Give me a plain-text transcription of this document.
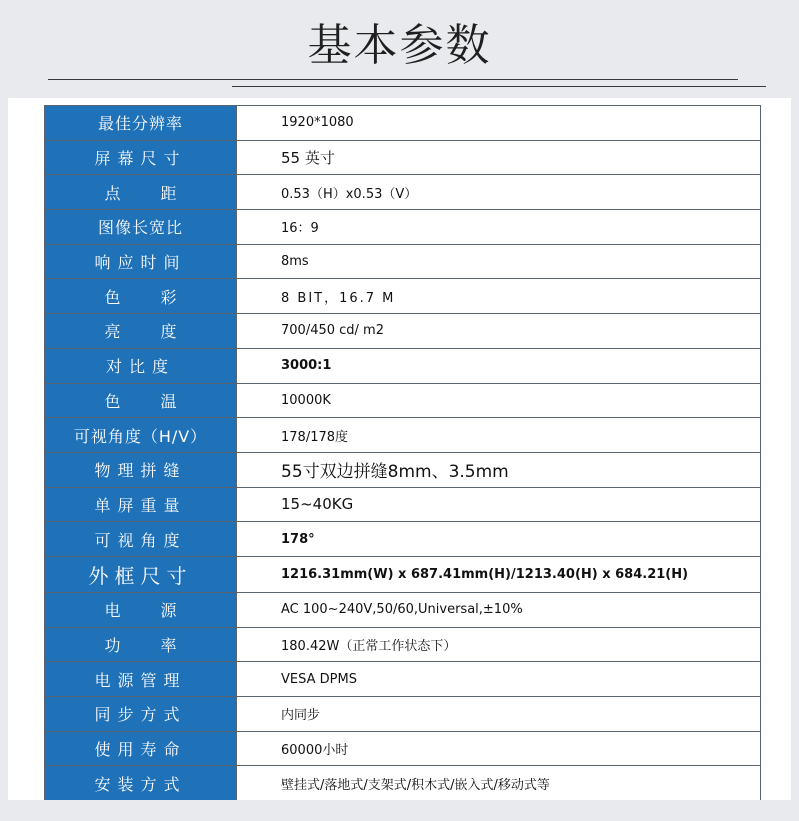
基本参数
最佳分辨率	1920*1080
屏幕尺寸	55 英寸
点距	0.53（H）x0.53（V）
图像长宽比	16：9
响应时间	8ms
色彩	8 BIT，16.7 M
亮度	700/450 cd/ m2
对比度	3000:1
色温	10000K
可视角度（H/V）	178/178度
物理拼缝	55寸双边拼缝8mm、3.5mm
单屏重量	15~40KG
可视角度	178°
外框尺寸	1216.31mm(W) x 687.41mm(H)/1213.40(H) x 684.21(H)
电源	AC 100~240V,50/60,Universal,±10%
功率	180.42W（正常工作状态下）
电源管理	VESA DPMS
同步方式	内同步
使用寿命	60000小时
安装方式	壁挂式/落地式/支架式/积木式/嵌入式/移动式等
